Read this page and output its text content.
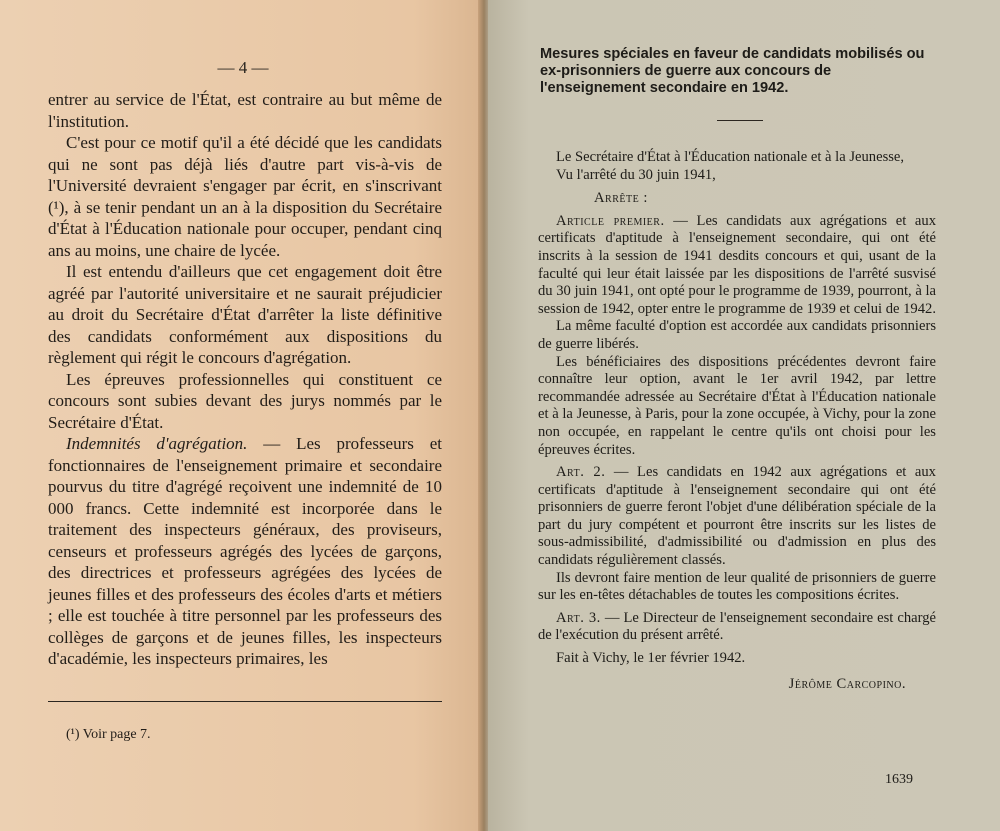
— 4 —

entrer au service de l'État, est contraire au but même de l'institution.

C'est pour ce motif qu'il a été décidé que les candidats qui ne sont pas déjà liés d'autre part vis-à-vis de l'Université devraient s'engager par écrit, en s'inscrivant (¹), à se tenir pendant un an à la disposition du Secrétaire d'État à l'Éducation nationale pour occuper, pendant cinq ans au moins, une chaire de lycée.

Il est entendu d'ailleurs que cet engagement doit être agréé par l'autorité universitaire et ne saurait préjudicier au droit du Secrétaire d'État d'arrêter la liste définitive des candidats conformément aux dispositions du règlement qui régit le concours d'agrégation.

Les épreuves professionnelles qui constituent ce concours sont subies devant des jurys nommés par le Secrétaire d'État.

Indemnités d'agrégation. — Les professeurs et fonctionnaires de l'enseignement primaire et secondaire pourvus du titre d'agrégé reçoivent une indemnité de 10 000 francs. Cette indemnité est incorporée dans le traitement des inspecteurs généraux, des proviseurs, censeurs et professeurs agrégés des lycées de garçons, des directrices et professeurs agrégées des lycées de jeunes filles et des professeurs des écoles d'arts et métiers ; elle est touchée à titre personnel par les professeurs des collèges de garçons et de jeunes filles, les inspecteurs d'académie, les inspecteurs primaires, les

(¹) Voir page 7.
Mesures spéciales en faveur de candidats mobilisés ou ex-prisonniers de guerre aux concours de l'enseignement secondaire en 1942.

Le Secrétaire d'État à l'Éducation nationale et à la Jeunesse,

Vu l'arrêté du 30 juin 1941,

Arrête :

Article premier. — Les candidats aux agrégations et aux certificats d'aptitude à l'enseignement secondaire, qui ont été inscrits à la session de 1941 desdits concours et qui, usant de la faculté qui leur était laissée par les dispositions de l'arrêté susvisé du 30 juin 1941, ont opté pour le programme de 1939, pourront, à la session de 1942, opter entre le programme de 1939 et celui de 1942.

La même faculté d'option est accordée aux candidats prisonniers de guerre libérés.

Les bénéficiaires des dispositions précédentes devront faire connaître leur option, avant le 1er avril 1942, par lettre recommandée adressée au Secrétaire d'État à l'Éducation nationale et à la Jeunesse, à Paris, pour la zone occupée, à Vichy, pour la zone non occupée, en rappelant le centre qu'ils ont choisi pour les épreuves écrites.

Art. 2. — Les candidats en 1942 aux agrégations et aux certificats d'aptitude à l'enseignement secondaire qui ont été prisonniers de guerre feront l'objet d'une délibération spéciale de la part du jury compétent et pourront être inscrits sur les listes de sous-admissibilité, d'admissibilité ou d'admission en plus des candidats régulièrement classés.

Ils devront faire mention de leur qualité de prisonniers de guerre sur les en-têtes détachables de toutes les compositions écrites.

Art. 3. — Le Directeur de l'enseignement secondaire est chargé de l'exécution du présent arrêté.

Fait à Vichy, le 1er février 1942.

Jérôme Carcopino.

1639
